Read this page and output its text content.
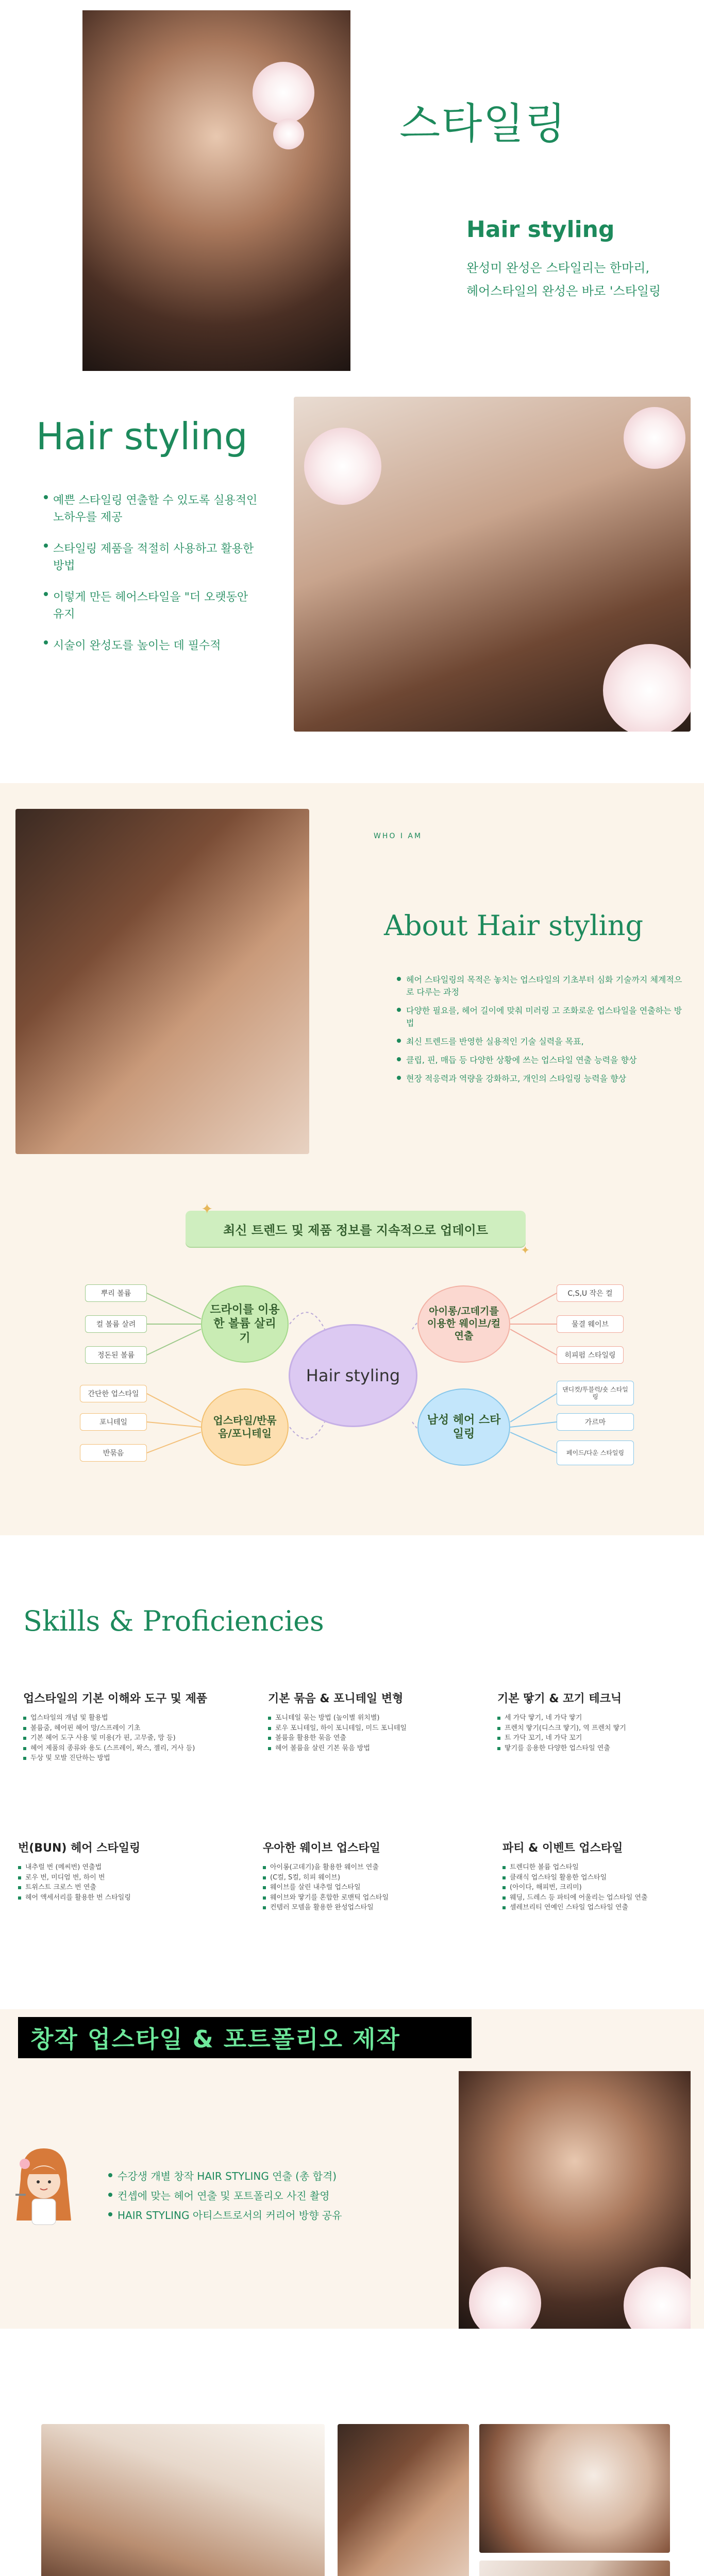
스타일링
Hair styling

완성미 완성은 스타일리는 한마리,

헤어스타일의 완성은 바로 '스타일링

Hair styling
예쁜 스타일링 연출할 수 있도록 실용적인 노하우를 제공
스타일링 제품을 적절히 사용하고 활용한 방법
이렇게 만든 헤어스타일을 "더 오랫동안 유지
시술이 완성도를 높이는 데 필수적

WHO I AM

About Hair styling
헤어 스타일링의 목적은 놓치는 업스타일의 기초부터 심화 기술까지 체계적으로 다루는 과정
다양한 필요를, 헤어 길이에 맞춰 미러링 고 조화로운 업스타일을 연출하는 방법
최신 트렌드를 반영한 실용적인 기술 실력을 목표,
클립, 핀, 매듭 등 다양한 상황에 쓰는 업스타일 연출 능력을 향상
현장 적응력과 역량을 강화하고, 개인의 스타일링 능력을 향상
최신 트렌드 및 제품 정보를 지속적으로 업데이트
✦
✦
Hair styling
드라이를 이용한 볼륨 살리기
아이롱/고데기를 이용한 웨이브/컬 연출
업스타일/반묶음/포니테일
남성 헤어 스타일링
뿌리 볼륨
컬 볼륨 살려
정돈된 볼륨
C,S,U 작은 컬
물결 웨이브
히피펌 스타일링
간단한 업스타일
포니테일
반묶음
댄디컷/투블럭/숏 스타일링
가르마
페이드/다운 스타일링
Skills & Proficiencies
업스타일의 기본 이해와 도구 및 제품
업스타일의 개념 및 활용법
볼륨줌, 헤어핀 헤어 망/스프레이 기초
기본 헤어 도구 사용 및 미용(가 핀, 고무줄, 망 등)
헤어 제품의 종류와 용도 (스프레이, 왁스, 젤리, 거사 등)
두상 및 모발 진단하는 방법
기본 묶음 & 포니테일 변형
포니테일 묶는 방법 (높이별 위치별)
로우 포니테일, 하이 포니테일, 미드 포니테일
볼륨을 활용한 묶음 연출
헤어 볼륨을 살린 기본 묶음 방법
기본 땋기 & 꼬기 테크닉
세 가닥 땋기, 네 가닥 땋기
프렌치 땋기(디스크 땋기), 역 프렌치 땋기
트 가닥 꼬기, 네 가닥 꼬기
땋기를 응용한 다양한 업스타일 연출
번(BUN) 헤어 스타일링
내추럴 번 (메씨번) 연출법
로우 번, 미디엄 번, 하이 번
트위스트 크로스 번 연출
헤어 액세서리를 활용한 번 스타일링
우아한 웨이브 업스타일
아이롱(고데기)을 활용한 웨이브 연출
(C컬, S컬, 히피 웨이브)
웨이브를 살린 내추럴 업스타일
웨이브와 땋기를 혼합한 로맨틱 업스타일
컨템러 모델을 활용한 완성업스타일
파티 & 이벤트 업스타일
트렌디한 볼륨 업스타일
클래식 업스타일 활용한 업스타일
(아이다, 해피번, 크리미)
웨딩, 드레스 등 파티에 어울리는 업스타일 연출
셀레브리티 연예인 스타일 업스타일 연출
창작 업스타일 & 포트폴리오 제작
수강생 개별 창작 HAIR STYLING 연출 (총 합격)
컨셉에 맞는 헤어 연출 및 포트폴리오 사진 촬영
HAIR STYLING 아티스트로서의 커리어 방향 공유
